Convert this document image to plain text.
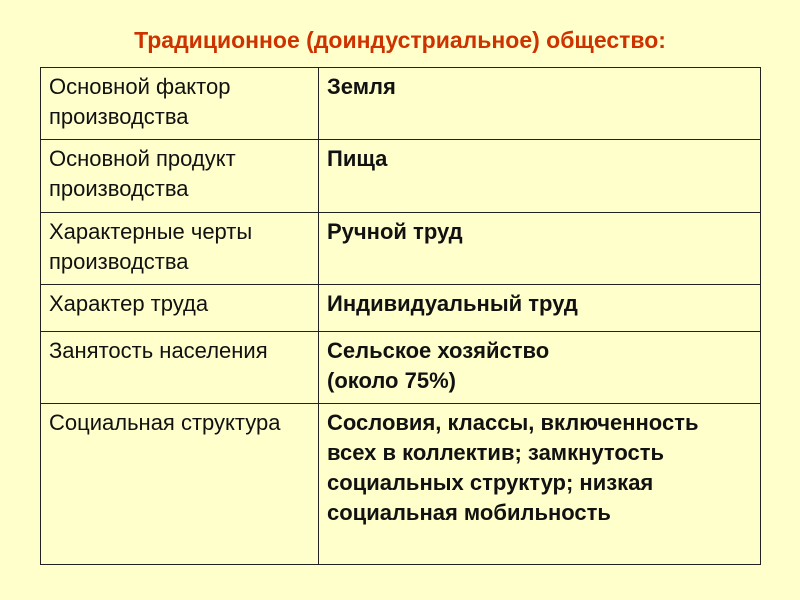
Традиционное (доиндустриальное) общество:
Основной фактор производства	Земля

Основной продукт производства	Пища

Характерные черты производства	Ручной труд

Характер труда	Индивидуальный труд

Занятость населения	Сельское хозяйство
(около 75%)

Социальная структура	Сословия, классы, включенность всех в коллектив; замкнутость социальных структур; низкая социальная мобильность
